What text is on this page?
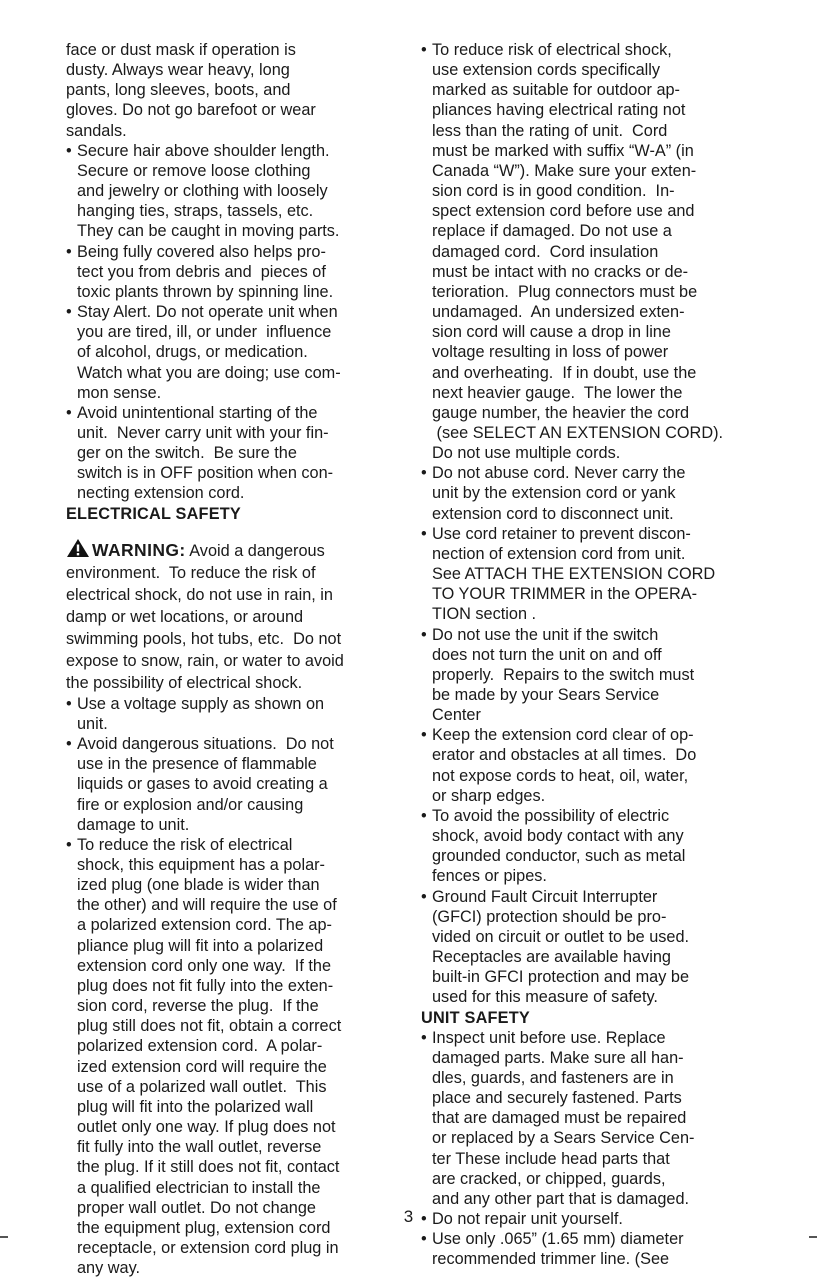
face or dust mask if operation is
dusty. Always wear heavy, long
pants, long sleeves, boots, and
gloves. Do not go barefoot or wear
sandals.
• Secure hair above shoulder length.
Secure or remove loose clothing
and jewelry or clothing with loosely
hanging ties, straps, tassels, etc.
They can be caught in moving parts.
• Being fully covered also helps pro-
tect you from debris and  pieces of
toxic plants thrown by spinning line.
• Stay Alert. Do not operate unit when
you are tired, ill, or under  influence
of alcohol, drugs, or medication.
Watch what you are doing; use com-
mon sense.
• Avoid unintentional starting of the
unit.  Never carry unit with your fin-
ger on the switch.  Be sure the
switch is in OFF position when con-
necting extension cord.
ELECTRICAL SAFETY
WARNING: Avoid a dangerous
environment.  To reduce the risk of
electrical shock, do not use in rain, in
damp or wet locations, or around
swimming pools, hot tubs, etc.  Do not
expose to snow, rain, or water to avoid
the possibility of electrical shock.
• Use a voltage supply as shown on
unit.
• Avoid dangerous situations.  Do not
use in the presence of flammable
liquids or gases to avoid creating a
fire or explosion and/or causing
damage to unit.
• To reduce the risk of electrical
shock, this equipment has a polar-
ized plug (one blade is wider than
the other) and will require the use of
a polarized extension cord. The ap-
pliance plug will fit into a polarized
extension cord only one way.  If the
plug does not fit fully into the exten-
sion cord, reverse the plug.  If the
plug still does not fit, obtain a correct
polarized extension cord.  A polar-
ized extension cord will require the
use of a polarized wall outlet.  This
plug will fit into the polarized wall
outlet only one way. If plug does not
fit fully into the wall outlet, reverse
the plug. If it still does not fit, contact
a qualified electrician to install the
proper wall outlet. Do not change
the equipment plug, extension cord
receptacle, or extension cord plug in
any way.
• To reduce risk of electrical shock,
use extension cords specifically
marked as suitable for outdoor ap-
pliances having electrical rating not
less than the rating of unit.  Cord
must be marked with suffix “W-A” (in
Canada “W”). Make sure your exten-
sion cord is in good condition.  In-
spect extension cord before use and
replace if damaged. Do not use a
damaged cord.  Cord insulation
must be intact with no cracks or de-
terioration.  Plug connectors must be
undamaged.  An undersized exten-
sion cord will cause a drop in line
voltage resulting in loss of power
and overheating.  If in doubt, use the
next heavier gauge.  The lower the
gauge number, the heavier the cord
(see SELECT AN EXTENSION CORD).
Do not use multiple cords.
• Do not abuse cord. Never carry the
unit by the extension cord or yank
extension cord to disconnect unit.
• Use cord retainer to prevent discon-
nection of extension cord from unit.
See ATTACH THE EXTENSION CORD
TO YOUR TRIMMER in the OPERA-
TION section .
• Do not use the unit if the switch
does not turn the unit on and off
properly.  Repairs to the switch must
be made by your Sears Service
Center
• Keep the extension cord clear of op-
erator and obstacles at all times.  Do
not expose cords to heat, oil, water,
or sharp edges.
• To avoid the possibility of electric
shock, avoid body contact with any
grounded conductor, such as metal
fences or pipes.
• Ground Fault Circuit Interrupter
(GFCI) protection should be pro-
vided on circuit or outlet to be used.
Receptacles are available having
built-in GFCI protection and may be
used for this measure of safety.
UNIT SAFETY
• Inspect unit before use. Replace
damaged parts. Make sure all han-
dles, guards, and fasteners are in
place and securely fastened. Parts
that are damaged must be repaired
or replaced by a Sears Service Cen-
ter These include head parts that
are cracked, or chipped, guards,
and any other part that is damaged.
• Do not repair unit yourself.
• Use only .065” (1.65 mm) diameter
recommended trimmer line. (See
3
